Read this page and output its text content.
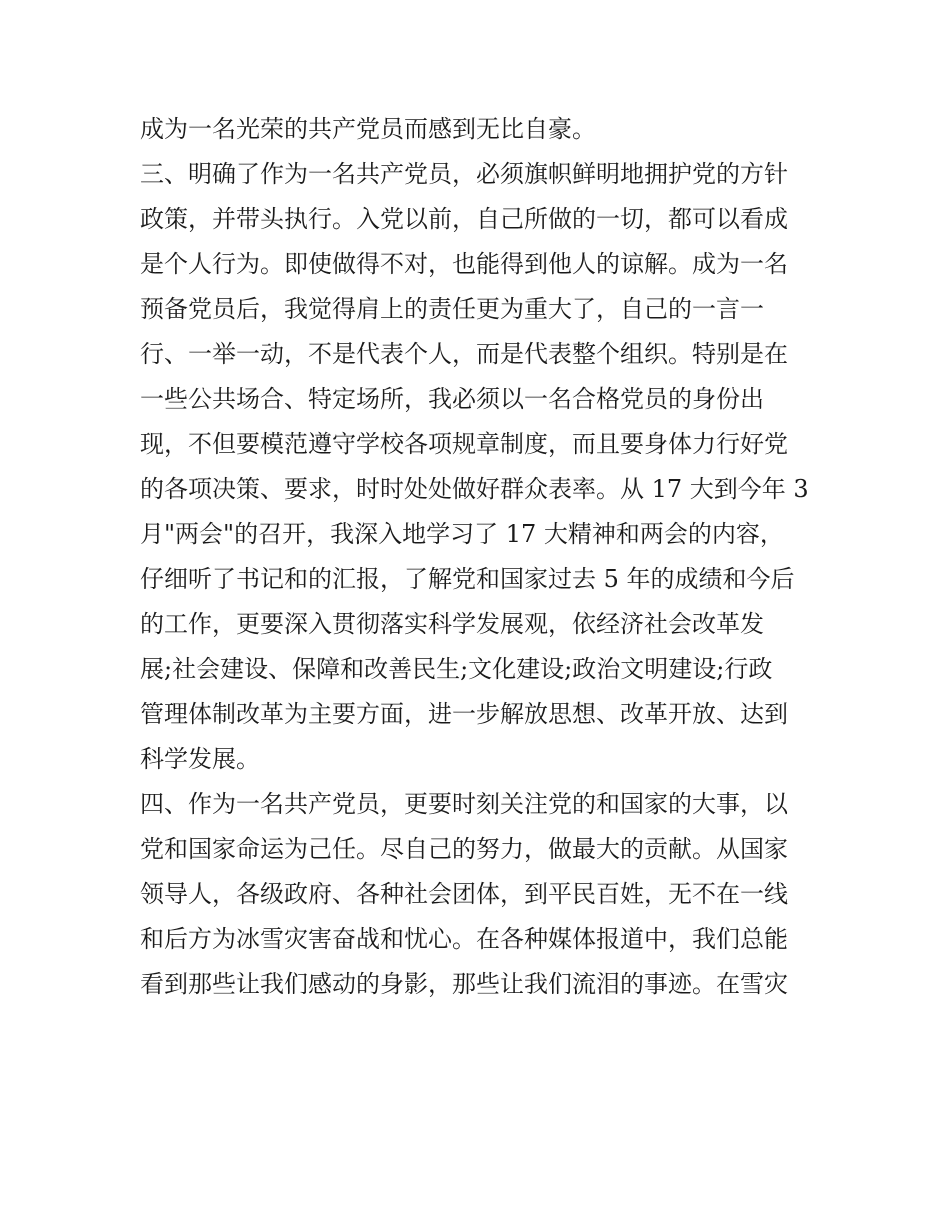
成为一名光荣的共产党员而感到无比自豪。
三、明确了作为一名共产党员，必须旗帜鲜明地拥护党的方针
政策，并带头执行。入党以前，自己所做的一切，都可以看成
是个人行为。即使做得不对，也能得到他人的谅解。成为一名
预备党员后，我觉得肩上的责任更为重大了，自己的一言一
行、一举一动，不是代表个人，而是代表整个组织。特别是在
一些公共场合、特定场所，我必须以一名合格党员的身份出
现，不但要模范遵守学校各项规章制度，而且要身体力行好党
的各项决策、要求，时时处处做好群众表率。从 17 大到今年 3
月"两会"的召开，我深入地学习了 17 大精神和两会的内容，
仔细听了书记和的汇报，了解党和国家过去 5 年的成绩和今后
的工作，更要深入贯彻落实科学发展观，依经济社会改革发
展;社会建设、保障和改善民生;文化建设;政治文明建设;行政
管理体制改革为主要方面，进一步解放思想、改革开放、达到
科学发展。
四、作为一名共产党员，更要时刻关注党的和国家的大事，以
党和国家命运为己任。尽自己的努力，做最大的贡献。从国家
领导人，各级政府、各种社会团体，到平民百姓，无不在一线
和后方为冰雪灾害奋战和忧心。在各种媒体报道中，我们总能
看到那些让我们感动的身影，那些让我们流泪的事迹。在雪灾
